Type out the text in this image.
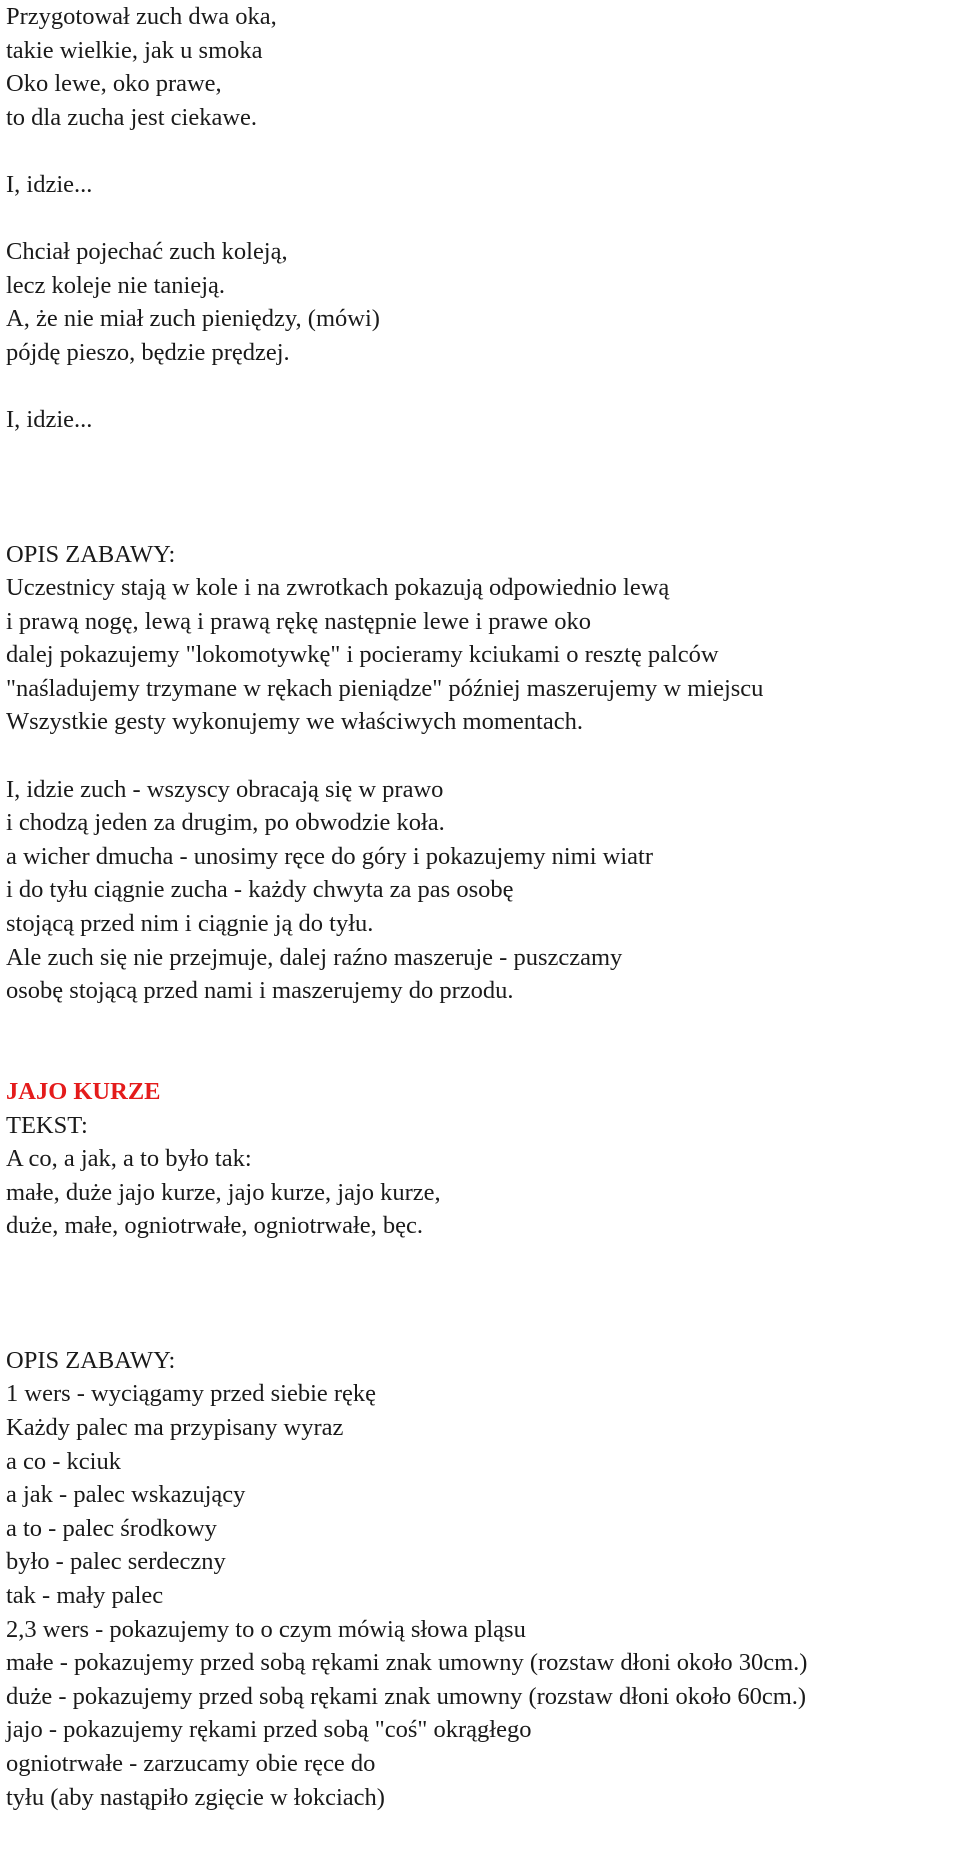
Przygotował zuch dwa oka,

takie wielkie, jak u smoka

Oko lewe, oko prawe,

to dla zucha jest ciekawe.

I, idzie...

Chciał pojechać zuch koleją,

lecz koleje nie tanieją.

A, że nie miał zuch pieniędzy, (mówi)

pójdę pieszo, będzie prędzej.

I, idzie...

OPIS ZABAWY:

Uczestnicy stają w kole i na zwrotkach pokazują odpowiednio lewą

i prawą nogę, lewą i prawą rękę następnie lewe i prawe oko

dalej pokazujemy "lokomotywkę" i pocieramy kciukami o resztę palców

"naśladujemy trzymane w rękach pieniądze" później maszerujemy w miejscu

Wszystkie gesty wykonujemy we właściwych momentach.

I, idzie zuch - wszyscy obracają się w prawo

i chodzą jeden za drugim, po obwodzie koła.

a wicher dmucha - unosimy ręce do góry i pokazujemy nimi wiatr

i do tyłu ciągnie zucha - każdy chwyta za pas osobę

stojącą przed nim i ciągnie ją do tyłu.

Ale zuch się nie przejmuje, dalej raźno maszeruje - puszczamy

osobę stojącą przed nami i maszerujemy do przodu.

JAJO KURZE

TEKST:

A co, a jak, a to było tak:

małe, duże jajo kurze, jajo kurze, jajo kurze,

duże, małe, ogniotrwałe, ogniotrwałe, bęc.

OPIS ZABAWY:

1 wers - wyciągamy przed siebie rękę

Każdy palec ma przypisany wyraz

a co - kciuk

a jak - palec wskazujący

a to - palec środkowy

było - palec serdeczny

tak - mały palec

2,3 wers - pokazujemy to o czym mówią słowa pląsu

małe - pokazujemy przed sobą rękami znak umowny (rozstaw dłoni około 30cm.)

duże - pokazujemy przed sobą rękami znak umowny (rozstaw dłoni około 60cm.)

jajo - pokazujemy rękami przed sobą "coś" okrągłego

ogniotrwałe - zarzucamy obie ręce do

tyłu (aby nastąpiło zgięcie w łokciach)
